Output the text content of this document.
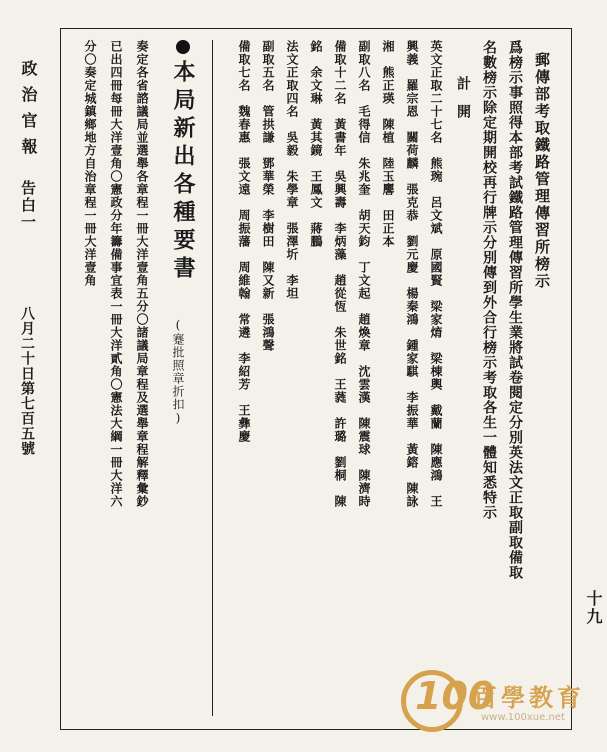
十九
政治官報
告白一
八月二十日第七百五號
郵傳部考取鐵路管理傳習所榜示
爲榜示事照得本部考試鐵路管理傳習所學生業將試卷閱定分別英法文正取副取備取
名數榜示除定期開校再行牌示分別傳到外合行榜示考取各生一體知悉特示
計開
英文正取二十七名　熊琬　呂文斌　原國賢　梁家焴　梁棟輿　戴蘭　陳應鴻　王
興義　羅宗恩　關荷麟　張克恭　劉元慶　楊秦鴻　鍾家騏　李振華　黃鎔　陳詠
湘　熊正瑛　陳植　陸玉麐　田正本
副取八名　毛得信　朱兆奎　胡天鈞　丁文起　趙煥章　沈雲漢　陳震球　陳濟時
備取十二名　黃書年　吳興壽　李炳藻　趙從恆　朱世銘　王蕤　許璐　劉桐　陳
銘　余文琳　黃其鏡　王鳳文　蔣鵬
法文正取四名　吳毅　朱學章　張澤圻　李坦
副取五名　管拱謙　鄧華榮　李樹田　陳又新　張鴻聲
備取七名　魏春惠　張文遠　周振藩　周維翰　常遴　李紹芳　王彝慶
本局新出各種要書
(蹇批照章折扣)
奏定各省諮議局並選舉各章程一冊大洋壹角五分〇諸議局章程及選舉章程解釋彙鈔
已出四冊每冊大洋壹角〇憲政分年籌備事宜表一冊大洋貳角〇憲法大綱一冊大洋六
分〇奏定城鎮鄉地方自治章程一冊大洋壹角
100
百學教育
www.100xue.net
